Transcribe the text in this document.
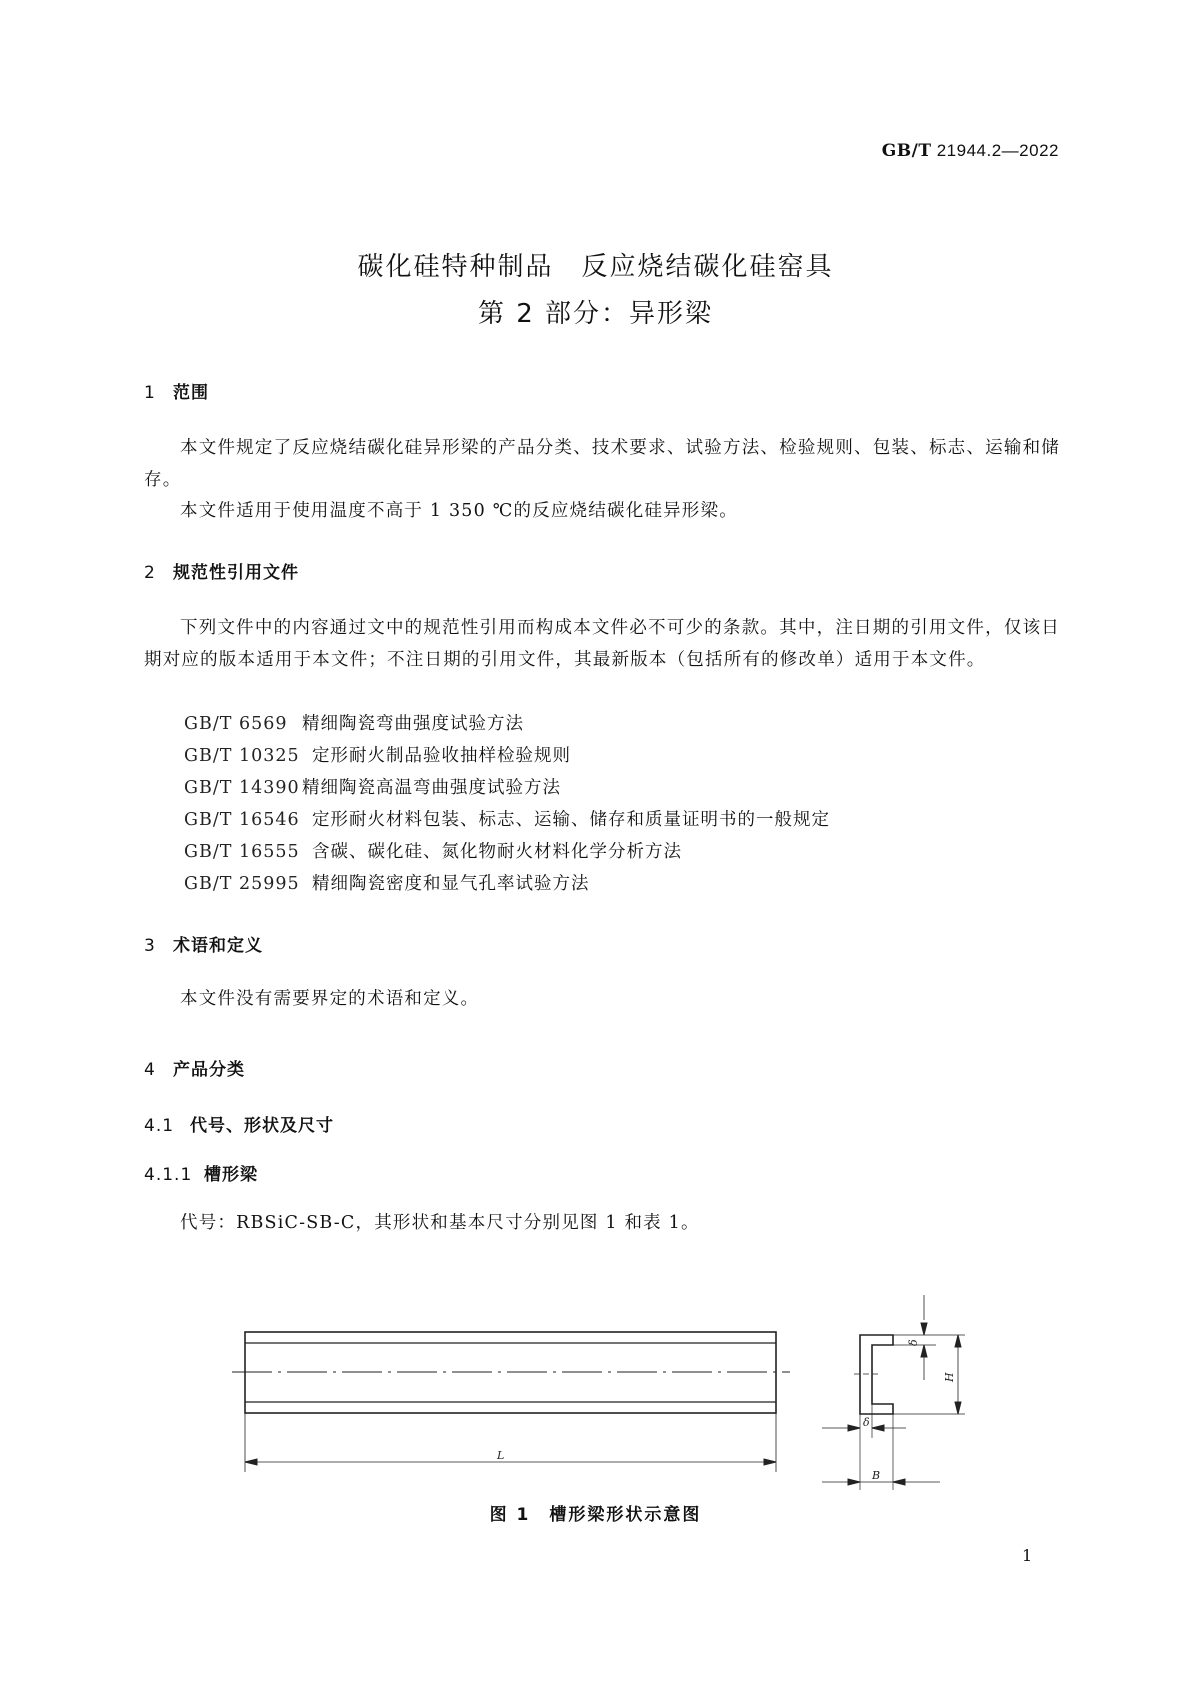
GB/T 21944.2—2022
碳化硅特种制品　反应烧结碳化硅窑具
第 2 部分：异形梁
1 范围
本文件规定了反应烧结碳化硅异形梁的产品分类、技术要求、试验方法、检验规则、包装、标志、运输和储存。
本文件适用于使用温度不高于 1 350 ℃的反应烧结碳化硅异形梁。
2 规范性引用文件
下列文件中的内容通过文中的规范性引用而构成本文件必不可少的条款。其中，注日期的引用文件，仅该日期对应的版本适用于本文件；不注日期的引用文件，其最新版本（包括所有的修改单）适用于本文件。
GB/T 6569 精细陶瓷弯曲强度试验方法
GB/T 10325 定形耐火制品验收抽样检验规则
GB/T 14390 精细陶瓷高温弯曲强度试验方法
GB/T 16546 定形耐火材料包装、标志、运输、储存和质量证明书的一般规定
GB/T 16555 含碳、碳化硅、氮化物耐火材料化学分析方法
GB/T 25995 精细陶瓷密度和显气孔率试验方法
3 术语和定义
本文件没有需要界定的术语和定义。
4 产品分类
4.1 代号、形状及尺寸
4.1.1 槽形梁
代号：RBSiC-SB-C，其形状和基本尺寸分别见图 1 和表 1。
L
δ
H
δ
B
图 1　槽形梁形状示意图
1
